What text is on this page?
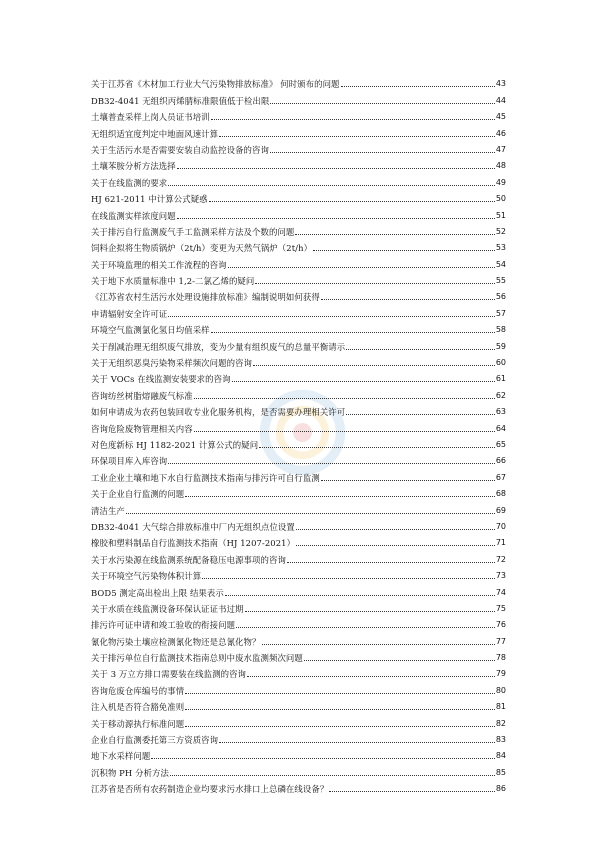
关于江苏省《木材加工行业大气污染物排放标准》 何时颁布的问题	43
DB32-4041 无组织丙烯腈标准限值低于检出限	44
土壤普查采样上岗人员证书培训	45
无组织适宜度判定中地面风速计算	46
关于生活污水是否需要安装自动监控设备的咨询	47
土壤苯胺分析方法选择	48
关于在线监测的要求	49
HJ 621-2011 中计算公式疑惑	50
在线监测实样浓度问题	51
关于排污自行监测废气手工监测采样方法及个数的问题	52
饲料企拟将生物质锅炉（2t/h）变更为天然气锅炉（2t/h）	53
关于环境监理的相关工作流程的咨询	54
关于地下水质量标准中 1,2-二氯乙烯的疑问	55
《江苏省农村生活污水处理设施排放标准》编制说明如何获得	56
申请辐射安全许可证	57
环境空气监测氯化氢日均值采样	58
关于削减治理无组织废气排放，变为少量有组织废气的总量平衡请示	59
关于无组织恶臭污染物采样频次问题的咨询	60
关于 VOCs 在线监测安装要求的咨询	61
咨询纺丝树脂熔融废气标准	62
如何申请成为农药包装回收专业化服务机构，是否需要办理相关许可	63
咨询危险废物管理相关内容	64
对色度新标 HJ 1182-2021 计算公式的疑问	65
环保项目库入库咨询	66
工业企业土壤和地下水自行监测技术指南与排污许可自行监测	67
关于企业自行监测的问题	68
清洁生产	69
DB32-4041 大气综合排放标准中厂内无组织点位设置	70
橡胶和塑料制品自行监测技术指南（HJ 1207-2021）	71
关于水污染源在线监测系统配备稳压电源事项的咨询	72
关于环境空气污染物体积计算	73
BOD5 测定高出检出上限 结果表示	74
关于水质在线监测设备环保认证证书过期	75
排污许可证申请和竣工验收的衔接问题	76
氰化物污染土壤应检测氰化物还是总氰化物？	77
关于排污单位自行监测技术指南总则中废水监测频次问题	78
关于 3 万立方排口需要装在线监测的咨询	79
咨询危废仓库编号的事情	80
注入机是否符合豁免准则	81
关于移动源执行标准问题	82
企业自行监测委托第三方资质咨询	83
地下水采样问题	84
沉积物 PH 分析方法	85
江苏省是否所有农药制造企业均要求污水排口上总磷在线设备？	86
